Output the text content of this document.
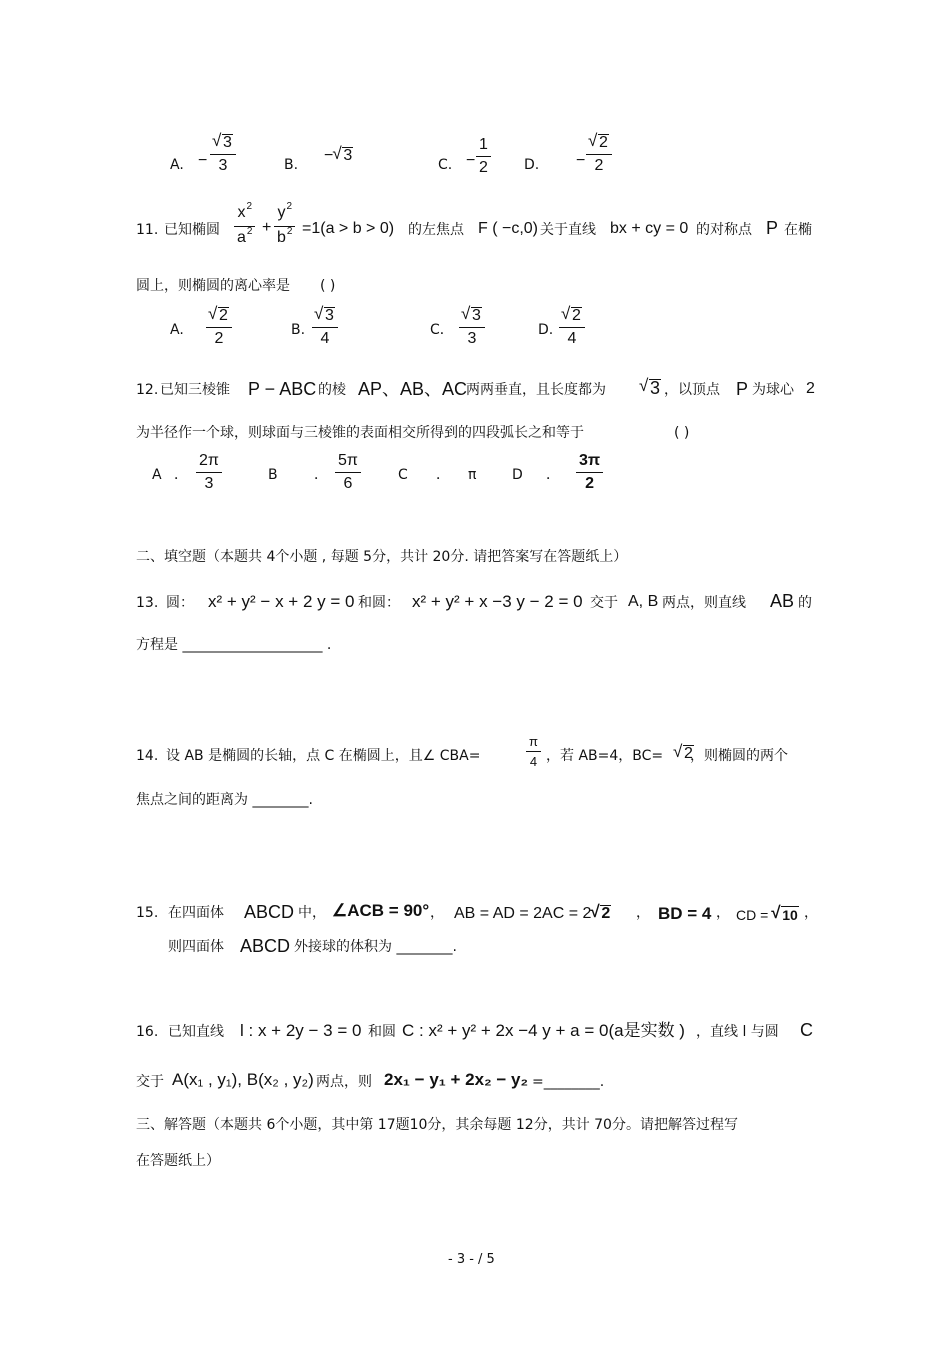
A. − √ $\frac{3}{3}$	B.
− √ 3
C. − $\frac{1}{2} D$. − √ $\frac{2}{2}$
11. 已知椭圆 $\frac{x^2}{a^2} + \frac{y^2}{b^2} =1(a > b > 0)$ 的左焦点 F ( −c,0) 关于直线 bx + cy = 0 的对称点 P 在椭
圆上，则椭圆的离心率是 ( )
A. √ $\frac{2}{2}$	B. √ $\frac{3}{4}$	C． √ $\frac{3}{3}$	D. √ $\frac{2}{4}$
12. 已知三棱锥 P − ABC 的棱 AP、AB、AC
两两垂直，且长度都为	√ 3 ，以顶点 P 为球心 2
为半径作一个球，则球面与三棱锥的表面相交所得到的四段弧长之和等于	( )
A ． $\frac{2\pi}{3}$	B	． $\frac{5\pi}{6}$	C ． π	D ． $\frac{3\pi}{2}$
二、填空题（本题共 4个小题 , 每题 5分，共计 20分. 请把答案写在答题纸上）
13. 圆： x² + y² − x + 2 y = 0 和圆： x² + y² + x −3 y − 2 = 0 交于 A, B 两点，则直线 AB 的
方程是 ____________________ .
14. 设 AB 是椭圆的长轴，点 C 在椭圆上，且∠ CBA=	$\frac{\pi}{4}$ ，若 AB=4，BC=	√ 2
，则椭圆的两个
焦点之间的距离为 ________.
15. 在四面体 ABCD 中， ∠ACB = 90° ， AB = AD = 2AC = 2 √ 2 ， BD = 4 ， CD = √ 10 ，
则四面体 ABCD 外接球的体积为 ________.
16. 已知直线 l : x + 2y − 3 = 0 和圆 C : x² + y² + 2x −4 y + a = 0(a是实数 ) ，直线 l 与圆 C
交于 A(x₁ , y₁), B(x₂ , y₂) 两点，则 2x₁ − y₁ + 2x₂ − y₂ =________.
三、解答题（本题共 6个小题，其中第 17题10分，其余每题 12分，共计 70分。请把解答过程写
在答题纸上）
- 3 - / 5
